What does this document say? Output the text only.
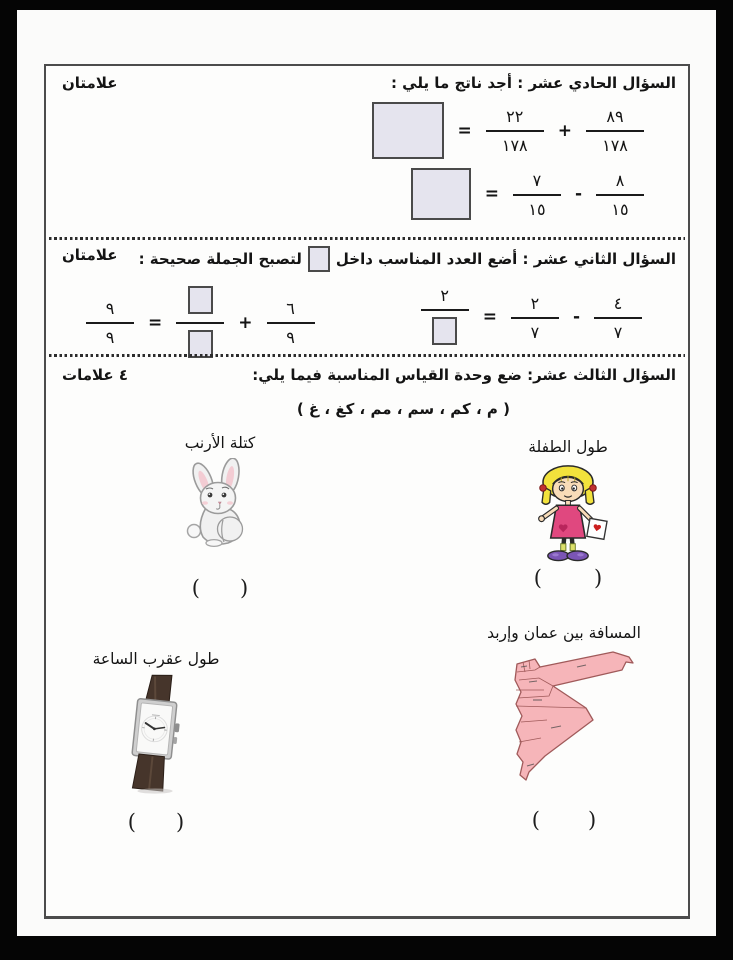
السؤال الحادي عشر : أجد ناتج ما يلي :
علامتان
$\frac{٨٩}{١٧٨}$
+
$\frac{٢٢}{١٧٨}$
=
$\frac{٨}{١٥}$
-
$\frac{٧}{١٥}$
=
السؤال الثاني عشر : أضع العدد المناسب داخللتصبح الجملة صحيحة :
علامتان
$\frac{٤}{٧}$
-
$\frac{٢}{٧}$
=
٢
$\frac{٦}{٩}$
+
=
$\frac{٩}{٩}$
السؤال الثالث عشر: ضع وحدة القياس المناسبة فيما يلي:
٤ علامات
( م ، كم ، سم ، مم ، كغ ، غ )
طول الطفلة
( )
كتلة الأرنب
( )
المسافة بين عمان وإربد
( )
طول عقرب الساعة
( )
